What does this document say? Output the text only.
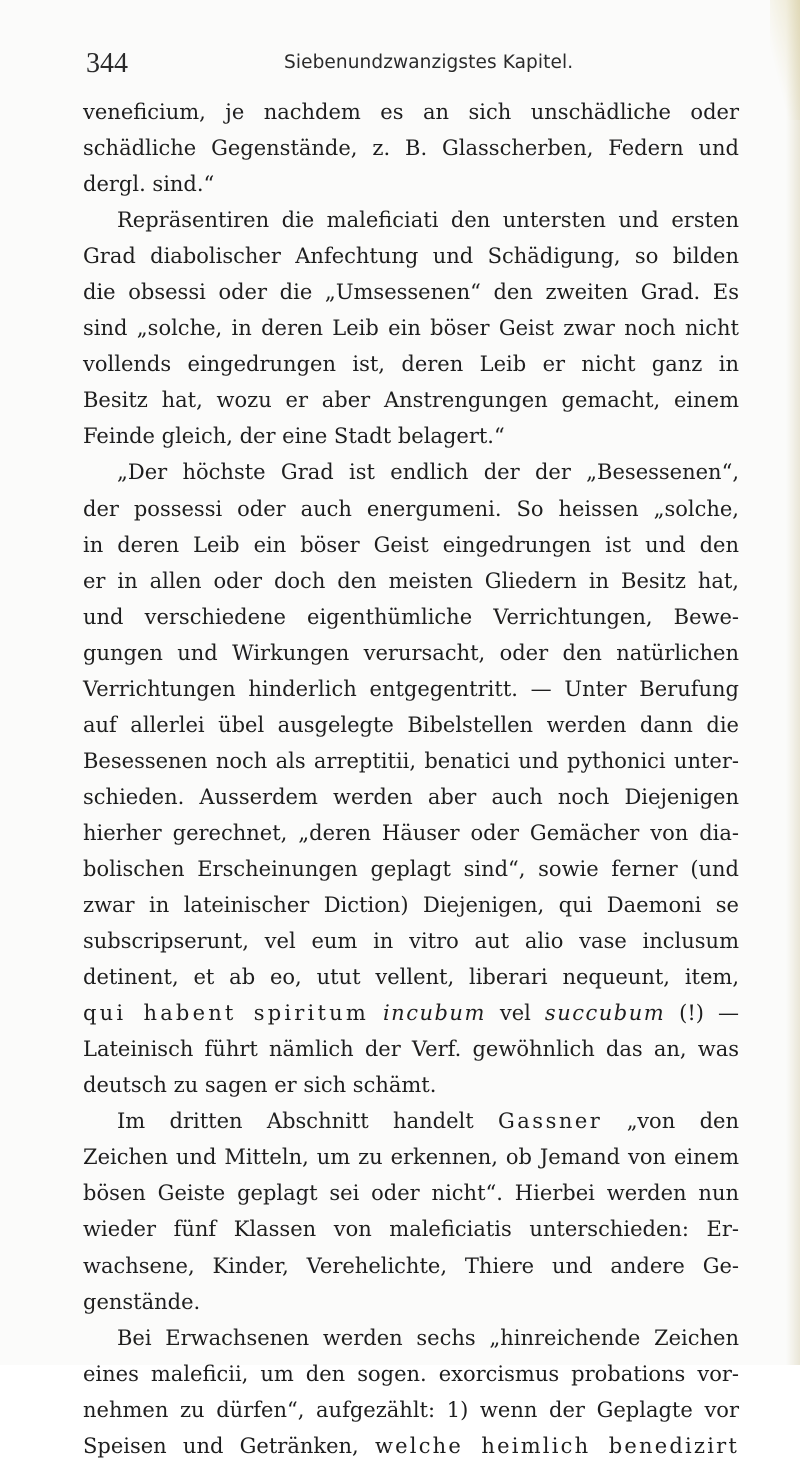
344	Siebenundzwanzigstes Kapitel.
veneficium, je nachdem es an sich unschädliche oder
schädliche Gegenstände, z. B. Glasscherben, Federn und
dergl. sind.“
Repräsentiren die maleficiati den untersten und ersten
Grad diabolischer Anfechtung und Schädigung, so bilden
die obsessi oder die „Umsessenen“ den zweiten Grad. Es
sind „solche, in deren Leib ein böser Geist zwar noch nicht
vollends eingedrungen ist, deren Leib er nicht ganz in
Besitz hat, wozu er aber Anstrengungen gemacht, einem
Feinde gleich, der eine Stadt belagert.“
„Der höchste Grad ist endlich der der „Besessenen“,
der possessi oder auch energumeni. So heissen „solche,
in deren Leib ein böser Geist eingedrungen ist und den
er in allen oder doch den meisten Gliedern in Besitz hat,
und verschiedene eigenthümliche Verrichtungen, Bewe-
gungen und Wirkungen verursacht, oder den natürlichen
Verrichtungen hinderlich entgegentritt. — Unter Berufung
auf allerlei übel ausgelegte Bibelstellen werden dann die
Besessenen noch als arreptitii, benatici und pythonici unter-
schieden. Ausserdem werden aber auch noch Diejenigen
hierher gerechnet, „deren Häuser oder Gemächer von dia-
bolischen Erscheinungen geplagt sind“, sowie ferner (und
zwar in lateinischer Diction) Diejenigen, qui Daemoni se
subscripserunt, vel eum in vitro aut alio vase inclusum
detinent, et ab eo, utut vellent, liberari nequeunt, item,
qui habent spiritum incubum vel succubum (!) —
Lateinisch führt nämlich der Verf. gewöhnlich das an, was
deutsch zu sagen er sich schämt.
Im dritten Abschnitt handelt Gassner „von den
Zeichen und Mitteln, um zu erkennen, ob Jemand von einem
bösen Geiste geplagt sei oder nicht“. Hierbei werden nun
wieder fünf Klassen von maleficiatis unterschieden: Er-
wachsene, Kinder, Verehelichte, Thiere und andere Ge-
genstände.
Bei Erwachsenen werden sechs „hinreichende Zeichen
eines maleficii, um den sogen. exorcismus probations vor-
nehmen zu dürfen“, aufgezählt: 1) wenn der Geplagte vor
Speisen und Getränken, welche heimlich benedizirt
